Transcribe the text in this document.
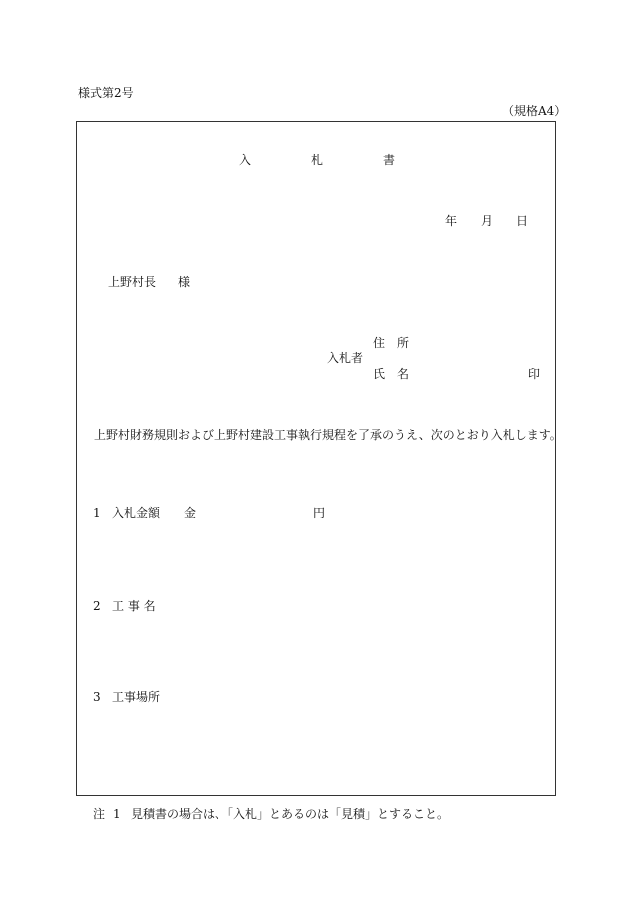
様式第2号
（規格A4）
入	札	書
年 月 日
上野村長 様
住　所
入札者
氏　名	印
上野村財務規則および上野村建設工事執行規程を了承のうえ、次のとおり入札します。
1 入札金額 金	円
2 工 事 名
3 工事場所
注 1 見積書の場合は､「入札」とあるのは「見積」とすること。
